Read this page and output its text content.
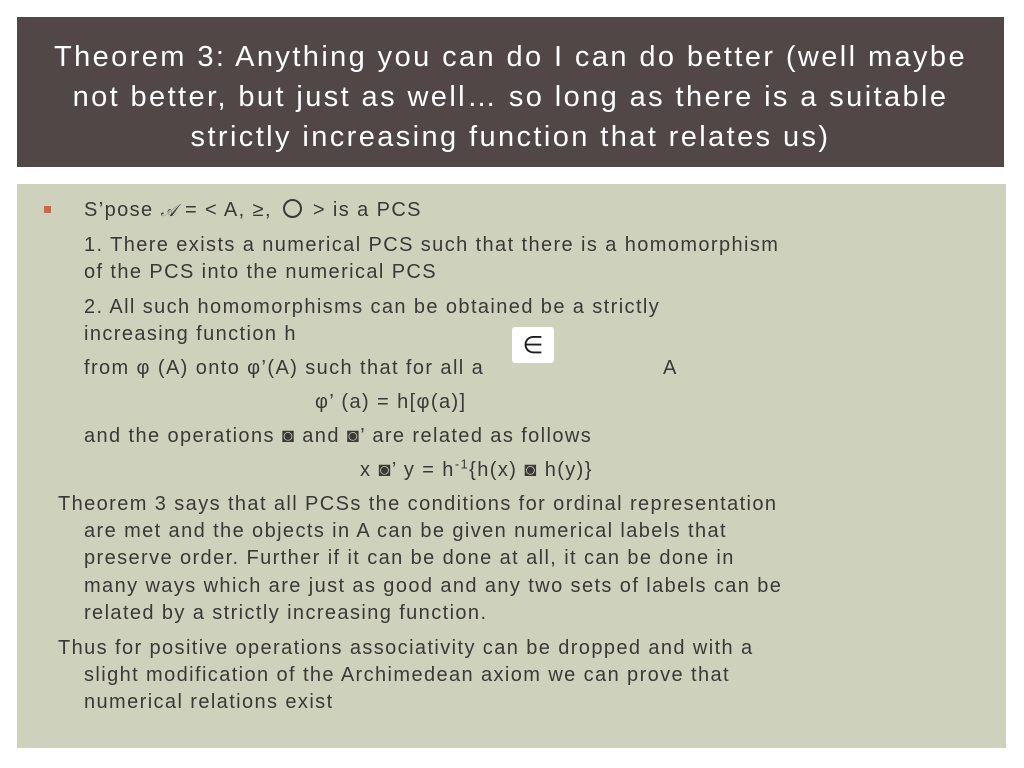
Theorem 3: Anything you can do I can do better (well maybe not better, but just as well… so long as there is a suitable strictly increasing function that relates us)
S’pose 𝒜 = < A, ≥,  > is a PCS
1. There exists a numerical PCS such that there is a homomorphism
of the PCS into the numerical PCS
2. All such homomorphisms can be obtained be a strictly
increasing function h
from φ (A) onto φ’(A) such that for all a	A
∈
φ’ (a) = h[φ(a)]
and the operations ◙ and ◙’ are related as follows
x ◙’ $y = h^{-1}\{h(x)$ ◙ h(y)}
Theorem 3 says that all PCSs the conditions for ordinal representation
are met and the objects in A can be given numerical labels that
preserve order. Further if it can be done at all, it can be done in
many ways which are just as good and any two sets of labels can be
related by a strictly increasing function.
Thus for positive operations associativity can be dropped and with a
slight modification of the Archimedean axiom we can prove that
numerical relations exist
